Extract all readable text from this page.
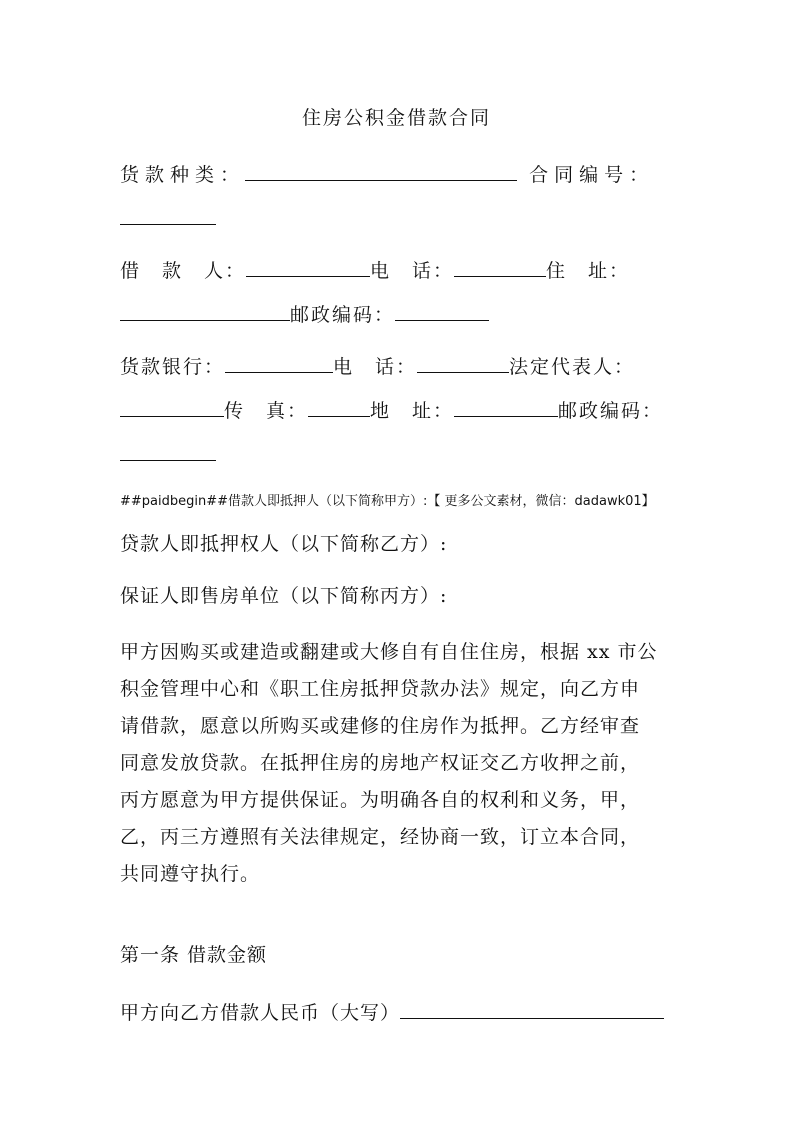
住房公积金借款合同
货款种类：	合同编号：
借　款　人：	电　话：	住　址：
邮政编码：
货款银行：	电　话：	法定代表人：
传　真：	地　址：	邮政编码：
##paidbegin##借款人即抵押人（以下简称甲方）:【 更多公文素材，微信：dadawk01】
贷款人即抵押权人（以下简称乙方）:
保证人即售房单位（以下简称丙方）:
甲方因购买或建造或翻建或大修自有自住住房，根据 xx 市公
积金管理中心和《职工住房抵押贷款办法》规定，向乙方申
请借款，愿意以所购买或建修的住房作为抵押。乙方经审查
同意发放贷款。在抵押住房的房地产权证交乙方收押之前，
丙方愿意为甲方提供保证。为明确各自的权利和义务，甲，
乙，丙三方遵照有关法律规定，经协商一致，订立本合同，
共同遵守执行。
第一条 借款金额
甲方向乙方借款人民币（大写）
